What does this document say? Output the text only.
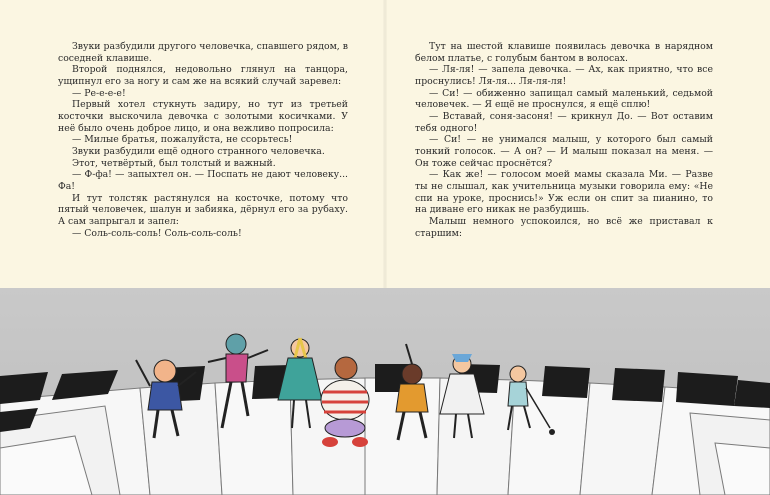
Звуки разбудили другого человечка, спавшего рядом, в соседней клавише.

Второй поднялся, недовольно глянул на танцора, ущипнул его за ногу и сам же на всякий случай заревел:

— Ре-е-е-е!

Первый хотел стукнуть задиру, но тут из третьей косточки выскочила девочка с золотыми косичками. У неё было очень доброе лицо, и она вежливо попросила:

— Милые братья, пожалуйста, не ссорьтесь!

Звуки разбудили ещё одного странного человечка.

Этот, четвёртый, был толстый и важный.

— Ф-фа! — запыхтел он. — Поспать не дают человеку... Фа!

И тут толстяк растянулся на косточке, потому что пятый человечек, шалун и забияка, дёрнул его за рубаху. А сам запрыгал и запел:

— Соль-соль-соль! Соль-соль-соль!

Тут на шестой клавише появилась девочка в нарядном белом платье, с голубым бантом в волосах.

— Ля-ля! — запела девочка. — Ах, как приятно, что все проснулись! Ля-ля... Ля-ля-ля!

— Си! — обиженно запищал самый маленький, седьмой человечек. — Я ещё не проснулся, я ещё сплю!

— Вставай, соня-засоня! — крикнул До. — Вот оставим тебя одного!

— Си! — не унимался малыш, у которого был самый тонкий голосок. — А он? — И малыш показал на меня. — Он тоже сейчас проснётся?

— Как же! — голосом моей мамы сказала Ми. — Разве ты не слышал, как учительница музыки говорила ему: «Не спи на уроке, проснись!» Уж если он спит за пианино, то на диване его никак не разбудишь.

Малыш немного успокоился, но всё же приставал к старшим:
